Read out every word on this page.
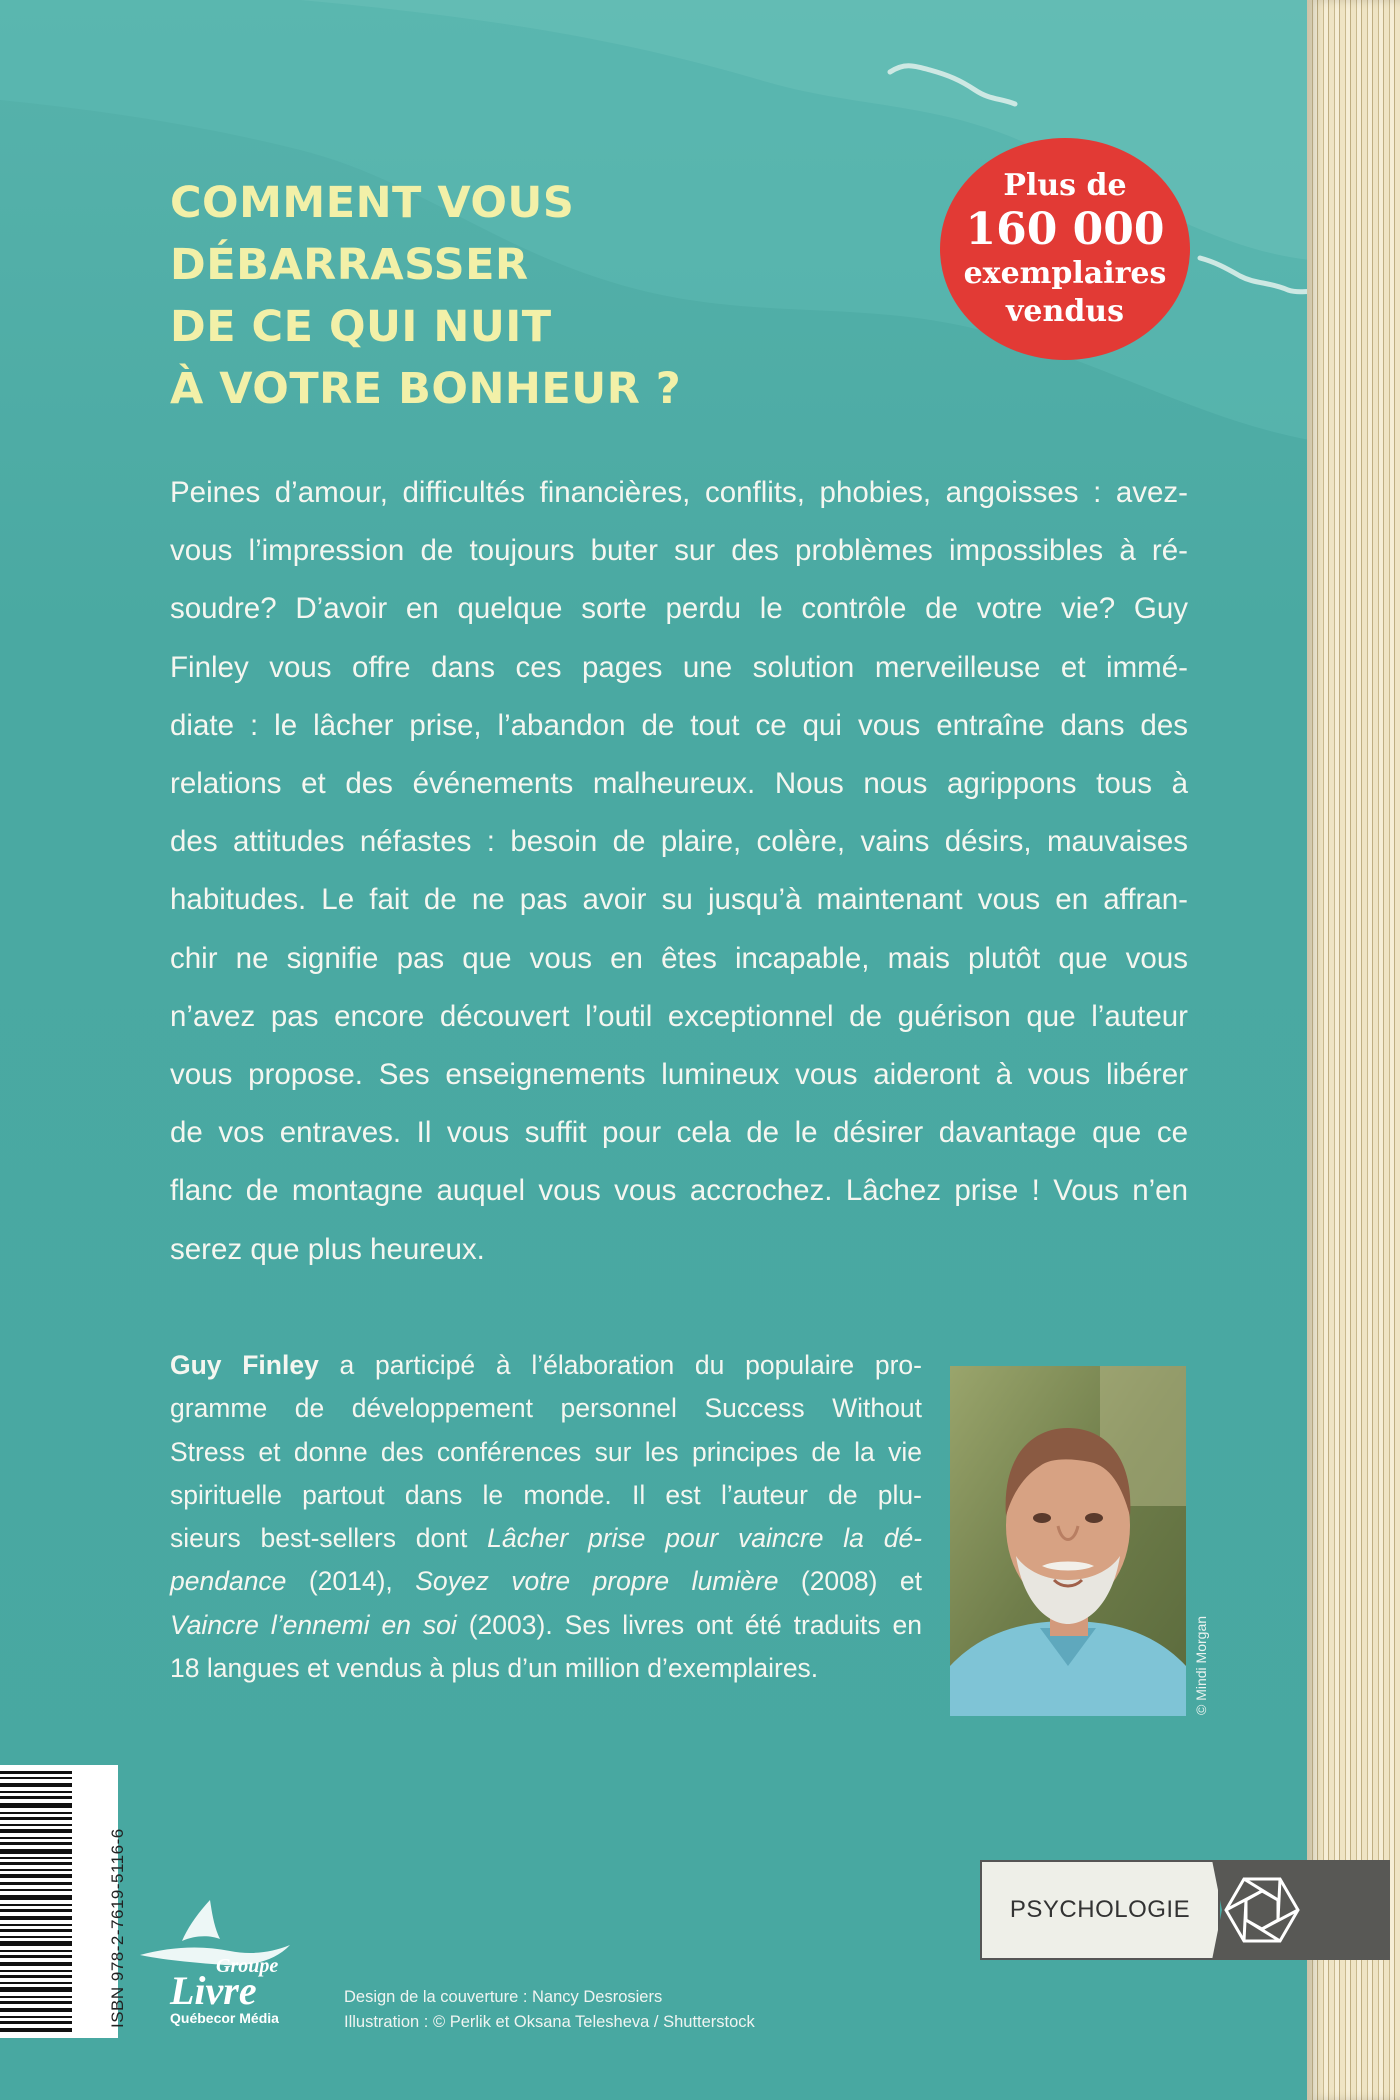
COMMENT VOUS
DÉBARRASSER
DE CE QUI NUIT
À VOTRE BONHEUR ?
Plus de
160 000
exemplaires
vendus
Peines d’amour, difficultés financières, conflits, phobies, angoisses : avez-
vous l’impression de toujours buter sur des problèmes impossibles à ré-
soudre? D’avoir en quelque sorte perdu le contrôle de votre vie? Guy
Finley vous offre dans ces pages une solution merveilleuse et immé-
diate : le lâcher prise, l’abandon de tout ce qui vous entraîne dans des
relations et des événements malheureux. Nous nous agrippons tous à
des attitudes néfastes : besoin de plaire, colère, vains désirs, mauvaises
habitudes. Le fait de ne pas avoir su jusqu’à maintenant vous en affran-
chir ne signifie pas que vous en êtes incapable, mais plutôt que vous
n’avez pas encore découvert l’outil exceptionnel de guérison que l’auteur
vous propose. Ses enseignements lumineux vous aideront à vous libérer
de vos entraves. Il vous suffit pour cela de le désirer davantage que ce
flanc de montagne auquel vous vous accrochez. Lâchez prise ! Vous n’en
serez que plus heureux.
Guy Finley a participé à l’élaboration du populaire pro-
gramme de développement personnel Success Without
Stress et donne des conférences sur les principes de la vie
spirituelle partout dans le monde. Il est l’auteur de plu-
sieurs best-sellers dont Lâcher prise pour vaincre la dé-
pendance (2014), Soyez votre propre lumière (2008) et
Vaincre l’ennemi en soi (2003). Ses livres ont été traduits en
18 langues et vendus à plus d’un million d’exemplaires.	© Mindi Morgan
ISBN 978-2-7619-5116-6	Groupe
Livre
Québecor Média
Design de la couverture : Nancy Desrosiers
Illustration : © Perlik et Oksana Telesheva / Shutterstock
PSYCHOLOGIE
